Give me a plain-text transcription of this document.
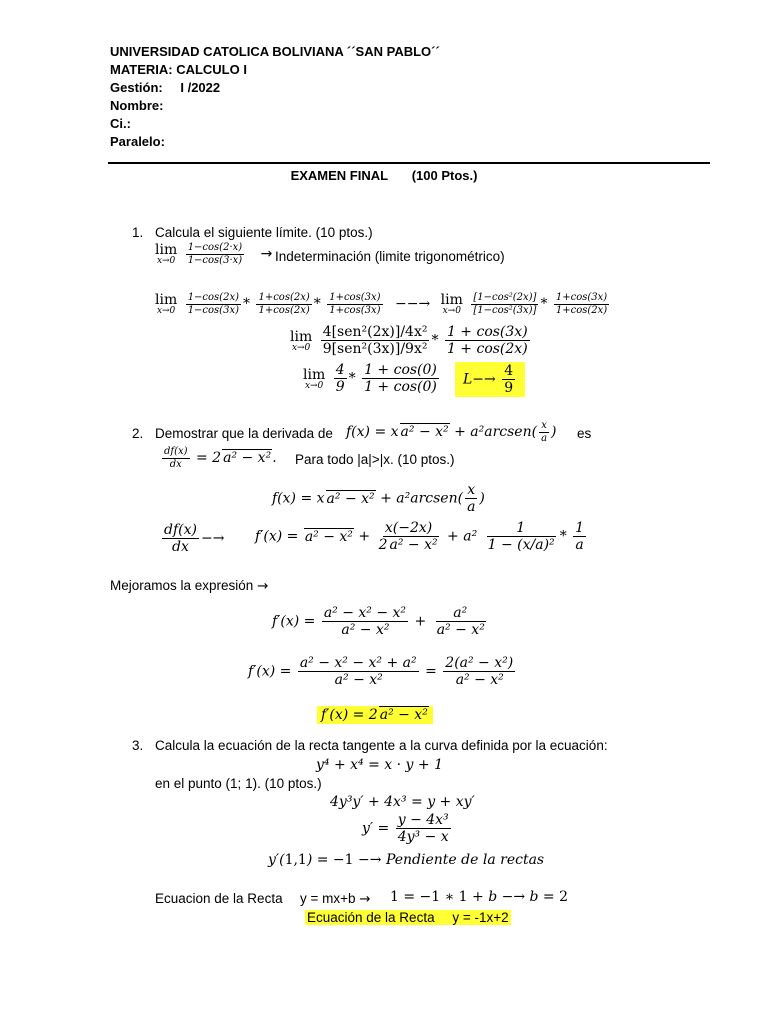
UNIVERSIDAD CATOLICA BOLIVIANA ´´SAN PABLO´´
MATERIA: CALCULO I
Gestión: I /2022
Nombre:
Ci.:
Paralelo:
EXAMEN FINAL (100 Ptos.)
1. Calcula el siguiente límite. (10 ptos.)
lim
x→0
$\frac{1-\cos(2\cdot x)}{1-\cos(3\cdot x)}$ → Indeterminación (limite trigonométrico)
lim
x→0
$\frac{1-\cos(2x)}{1-\cos(3x)} * \frac{1+\cos(2x)}{1+\cos(2x)} * \frac{1+\cos(3x)}{1+\cos(3x)}$ −−→ lim
x→0
$\frac{\text{[1−cos²(2x)]}}{\text{[1−cos²(3x)]}} * \frac{1+\cos(3x)}{1+\cos(2x)}$
lim
x→0
$\frac{\text{4[sen²(2x)]/4x²}}{\text{9[sen²(3x)]/9x²}} * \frac{1 + \cos(3x)}{1 + \cos(2x)}$
lim
x→0
$\frac{4}{9} * \frac{1 + \cos(0)}{1 + \cos(0)}$	$L-\to \frac{4}{9}$
2. Demostrar que la derivada de f(x) = x a² − x² + a²arcsen( $\frac{x}{a}$ ) es
$\frac{df(x)}{dx} = 2$ a² − x². Para todo |a|>|x. (10 ptos.)
f(x) = x a² − x² + a²arcsen( $\frac{x}{a}$ )
$\frac{df(x)}{dx} -\to f'(x) = a^2 - x^2 + \frac{x(-2x)}{\text{2 a² − x²}} + a^2 \frac{1}{\text{1 − (x/a)²}} * \frac{1}{a}$
Mejoramos la expresión →
$f'(x) = \frac{\text{a² − x² − x²}}{\text{a² − x²}} + \frac{\text{a²}}{\text{a² − x²}}$
$f'(x) = \frac{\text{a² − x² − x² + a²}}{\text{a² − x²}} = \frac{\text{2(a² − x²)}}{\text{a² − x²}}$
f′(x) = 2 a² − x²
3. Calcula la ecuación de la recta tangente a la curva definida por la ecuación:
y⁴ + x⁴ = x · y + 1
en el punto (1; 1). (10 ptos.)
4y³y′ + 4x³ = y + xy′
$y' = \frac{\text{y − 4x³}}{\text{4y³ − x}}$
y′(1,1) = −1 −→ Pendiente de la rectas
Ecuacion de la Recta y = mx+b → 1 = −1 ∗ 1 + b −→ b = 2
Ecuación de la Recta y = -1x+2
